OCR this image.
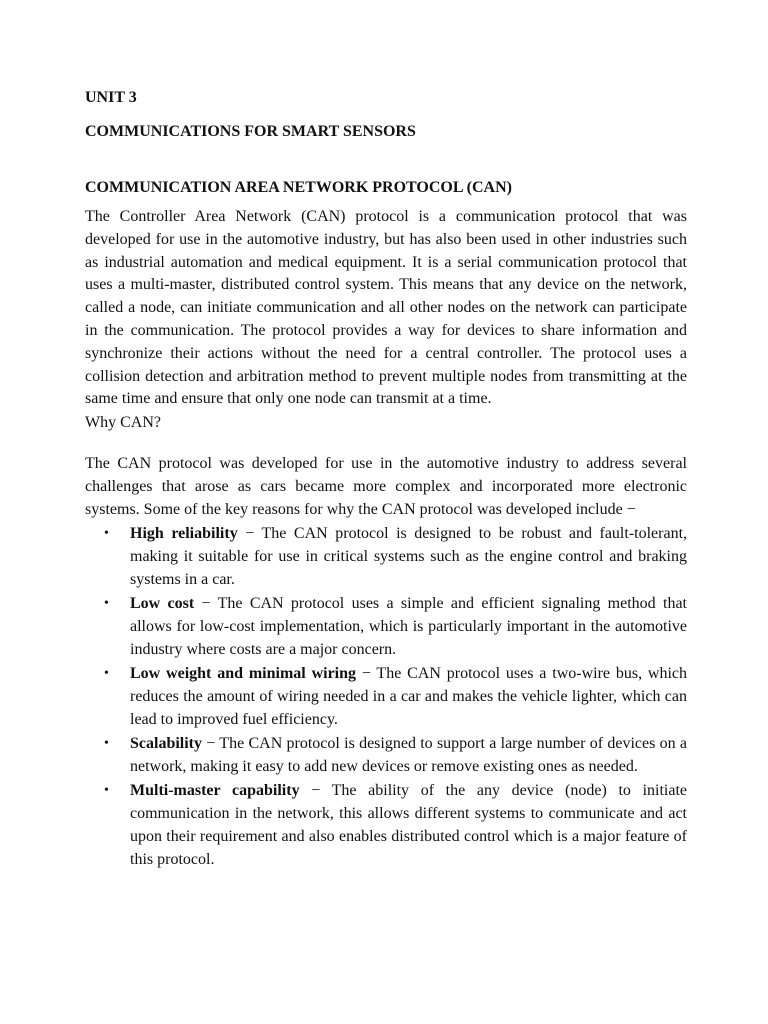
UNIT 3
COMMUNICATIONS FOR SMART SENSORS
COMMUNICATION AREA NETWORK PROTOCOL (CAN)

The Controller Area Network (CAN) protocol is a communication protocol that was developed for use in the automotive industry, but has also been used in other industries such as industrial automation and medical equipment. It is a serial communication protocol that uses a multi-master, distributed control system. This means that any device on the network, called a node, can initiate communication and all other nodes on the network can participate in the communication. The protocol provides a way for devices to share information and synchronize their actions without the need for a central controller. The protocol uses a collision detection and arbitration method to prevent multiple nodes from transmitting at the same time and ensure that only one node can transmit at a time.

Why CAN?

The CAN protocol was developed for use in the automotive industry to address several challenges that arose as cars became more complex and incorporated more electronic systems. Some of the key reasons for why the CAN protocol was developed include −

• High reliability − The CAN protocol is designed to be robust and fault-tolerant, making it suitable for use in critical systems such as the engine control and braking systems in a car.
• Low cost − The CAN protocol uses a simple and efficient signaling method that allows for low-cost implementation, which is particularly important in the automotive industry where costs are a major concern.
• Low weight and minimal wiring − The CAN protocol uses a two-wire bus, which reduces the amount of wiring needed in a car and makes the vehicle lighter, which can lead to improved fuel efficiency.
• Scalability − The CAN protocol is designed to support a large number of devices on a network, making it easy to add new devices or remove existing ones as needed.
• Multi-master capability − The ability of the any device (node) to initiate communication in the network, this allows different systems to communicate and act upon their requirement and also enables distributed control which is a major feature of this protocol.
